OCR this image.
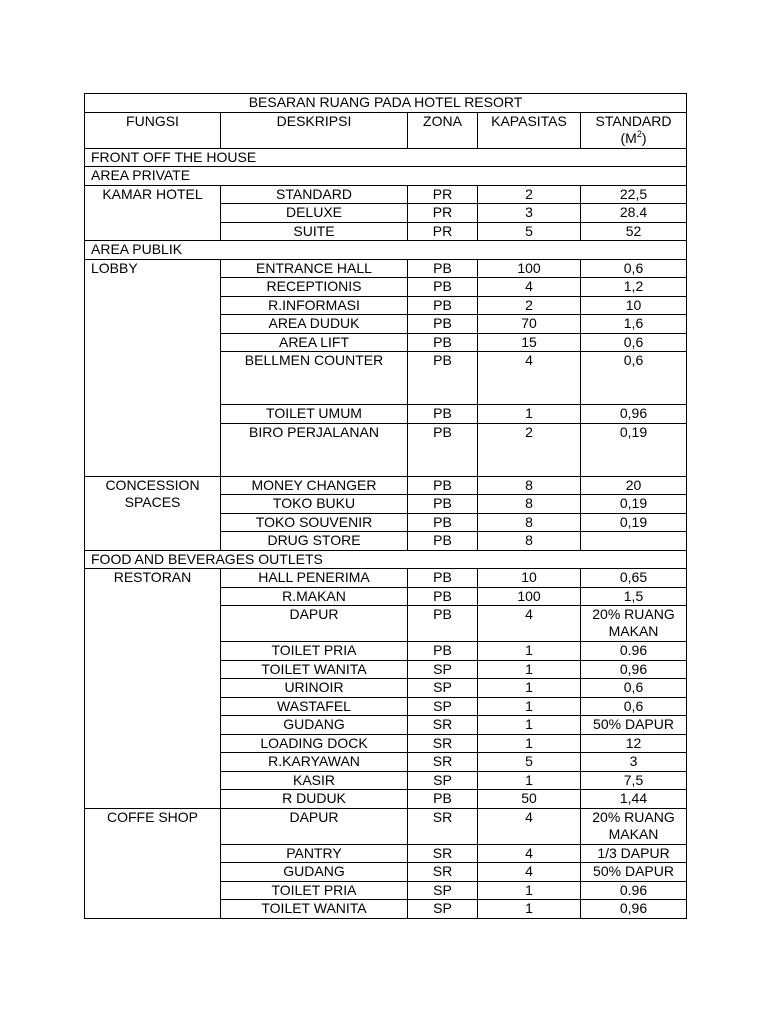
BESARAN RUANG PADA HOTEL RESORT				
FUNGSI	DESKRIPSI	ZONA	KAPASITAS	STANDARD
$(M^2)$
FRONT OFF THE HOUSE				
AREA PRIVATE				
KAMAR HOTEL	STANDARD	PR	2	22,5
	DELUXE	PR	3	28.4
	SUITE	PR	5	52
AREA PUBLIK				
LOBBY	ENTRANCE HALL	PB	100	0,6
	RECEPTIONIS	PB	4	1,2
	R.INFORMASI	PB	2	10
	AREA DUDUK	PB	70	1,6
	AREA LIFT	PB	15	0,6
	BELLMEN COUNTER	PB	4	0,6
	TOILET UMUM	PB	1	0,96
	BIRO PERJALANAN	PB	2	0,19
CONCESSION SPACES	MONEY CHANGER	PB	8	20
	TOKO BUKU	PB	8	0,19
	TOKO SOUVENIR	PB	8	0,19
	DRUG STORE	PB	8	
FOOD AND BEVERAGES OUTLETS				
RESTORAN	HALL PENERIMA	PB	10	0,65
	R.MAKAN	PB	100	1,5
	DAPUR	PB	4	20% RUANG MAKAN
	TOILET PRIA	PB	1	0.96
	TOILET WANITA	SP	1	0,96
	URINOIR	SP	1	0,6
	WASTAFEL	SP	1	0,6
	GUDANG	SR	1	50% DAPUR
	LOADING DOCK	SR	1	12
	R.KARYAWAN	SR	5	3
	KASIR	SP	1	7,5
	R DUDUK	PB	50	1,44
COFFE SHOP	DAPUR	SR	4	20% RUANG MAKAN
	PANTRY	SR	4	1/3 DAPUR
	GUDANG	SR	4	50% DAPUR
	TOILET PRIA	SP	1	0.96
	TOILET WANITA	SP	1	0,96
